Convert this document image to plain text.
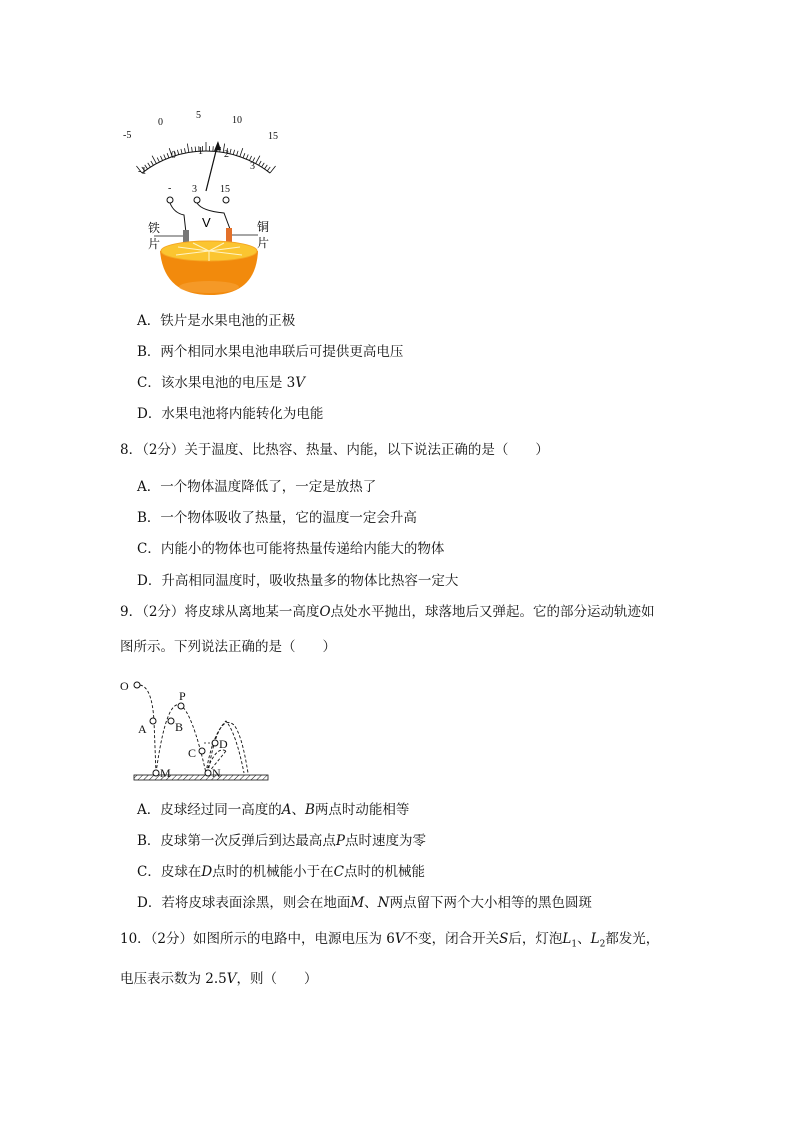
-5
0
5	10
15
-1
0 1 2
3
- 3 15
V
铁
片
铜
片
A．铁片是水果电池的正极
B．两个相同水果电池串联后可提供更高电压
C．该水果电池的电压是 3V
D．水果电池将内能转化为电能
8．（2分）关于温度、比热容、热量、内能，以下说法正确的是（　　）
A．一个物体温度降低了，一定是放热了
B．一个物体吸收了热量，它的温度一定会升高
C．内能小的物体也可能将热量传递给内能大的物体
D．升高相同温度时，吸收热量多的物体比热容一定大
9．（2分）将皮球从离地某一高度O点处水平抛出，球落地后又弹起。它的部分运动轨迹如
图所示。下列说法正确的是（　　）
O
A B
P
C
D
M	N
A．皮球经过同一高度的A、B两点时动能相等
B．皮球第一次反弹后到达最高点P点时速度为零
C．皮球在D点时的机械能小于在C点时的机械能
D．若将皮球表面涂黑，则会在地面M、N两点留下两个大小相等的黑色圆斑
10．（2分）如图所示的电路中，电源电压为 6V不变，闭合开关S后，灯泡$L_1$、$L_2$都发光，
电压表示数为 2.5V，则（　　）
